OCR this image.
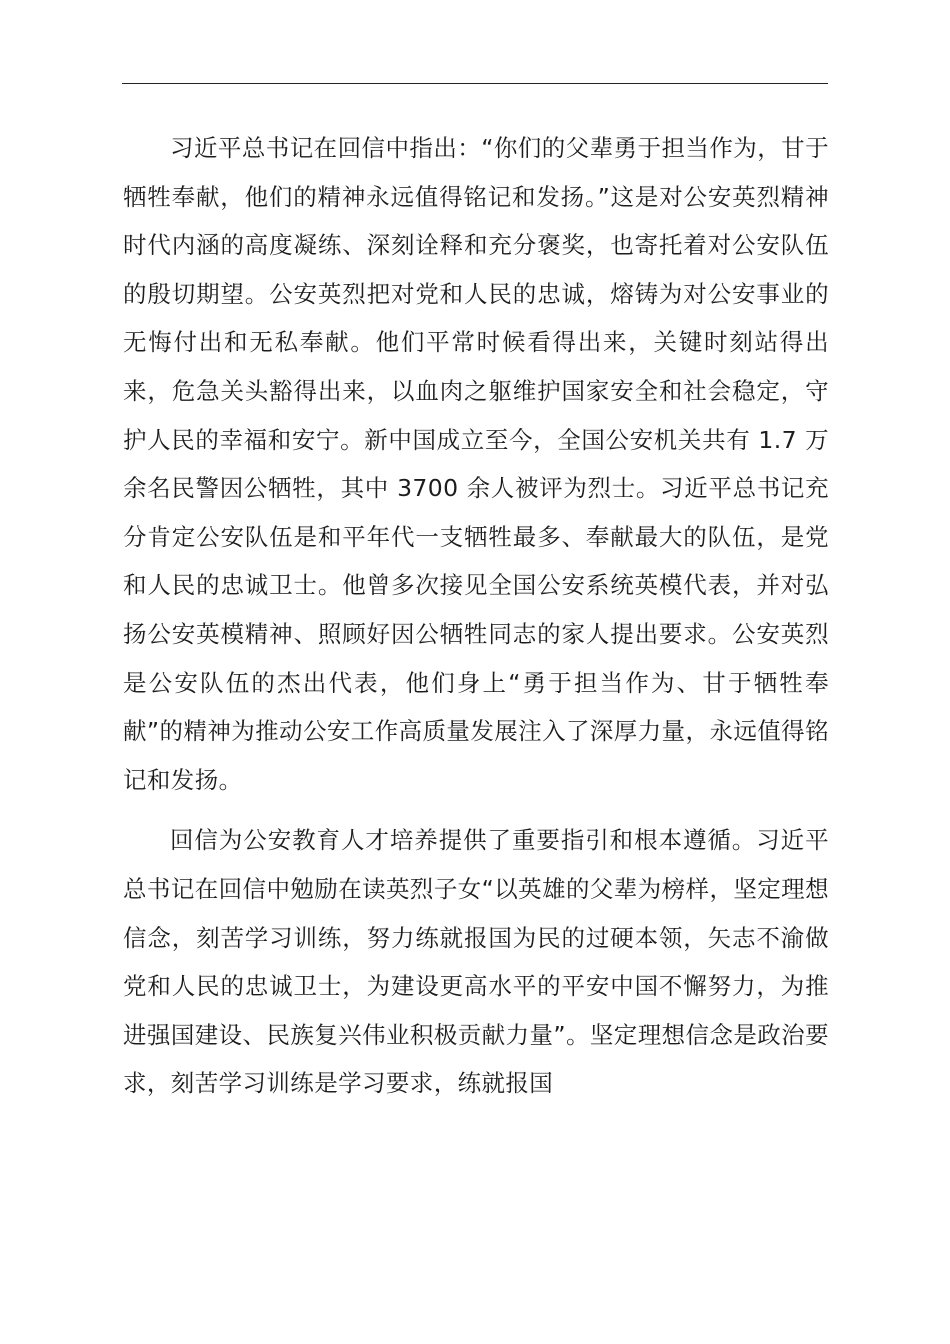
习近平总书记在回信中指出：“你们的父辈勇于担当作为，甘于牺牲奉献，他们的精神永远值得铭记和发扬。”这是对公安英烈精神时代内涵的高度凝练、深刻诠释和充分褒奖，也寄托着对公安队伍的殷切期望。公安英烈把对党和人民的忠诚，熔铸为对公安事业的无悔付出和无私奉献。他们平常时候看得出来，关键时刻站得出来，危急关头豁得出来，以血肉之躯维护国家安全和社会稳定，守护人民的幸福和安宁。新中国成立至今，全国公安机关共有 1.7 万余名民警因公牺牲，其中 3700 余人被评为烈士。习近平总书记充分肯定公安队伍是和平年代一支牺牲最多、奉献最大的队伍，是党和人民的忠诚卫士。他曾多次接见全国公安系统英模代表，并对弘扬公安英模精神、照顾好因公牺牲同志的家人提出要求。公安英烈是公安队伍的杰出代表，他们身上“勇于担当作为、甘于牺牲奉献”的精神为推动公安工作高质量发展注入了深厚力量，永远值得铭记和发扬。

回信为公安教育人才培养提供了重要指引和根本遵循。习近平总书记在回信中勉励在读英烈子女“以英雄的父辈为榜样，坚定理想信念，刻苦学习训练，努力练就报国为民的过硬本领，矢志不渝做党和人民的忠诚卫士，为建设更高水平的平安中国不懈努力，为推进强国建设、民族复兴伟业积极贡献力量”。坚定理想信念是政治要求，刻苦学习训练是学习要求，练就报国
